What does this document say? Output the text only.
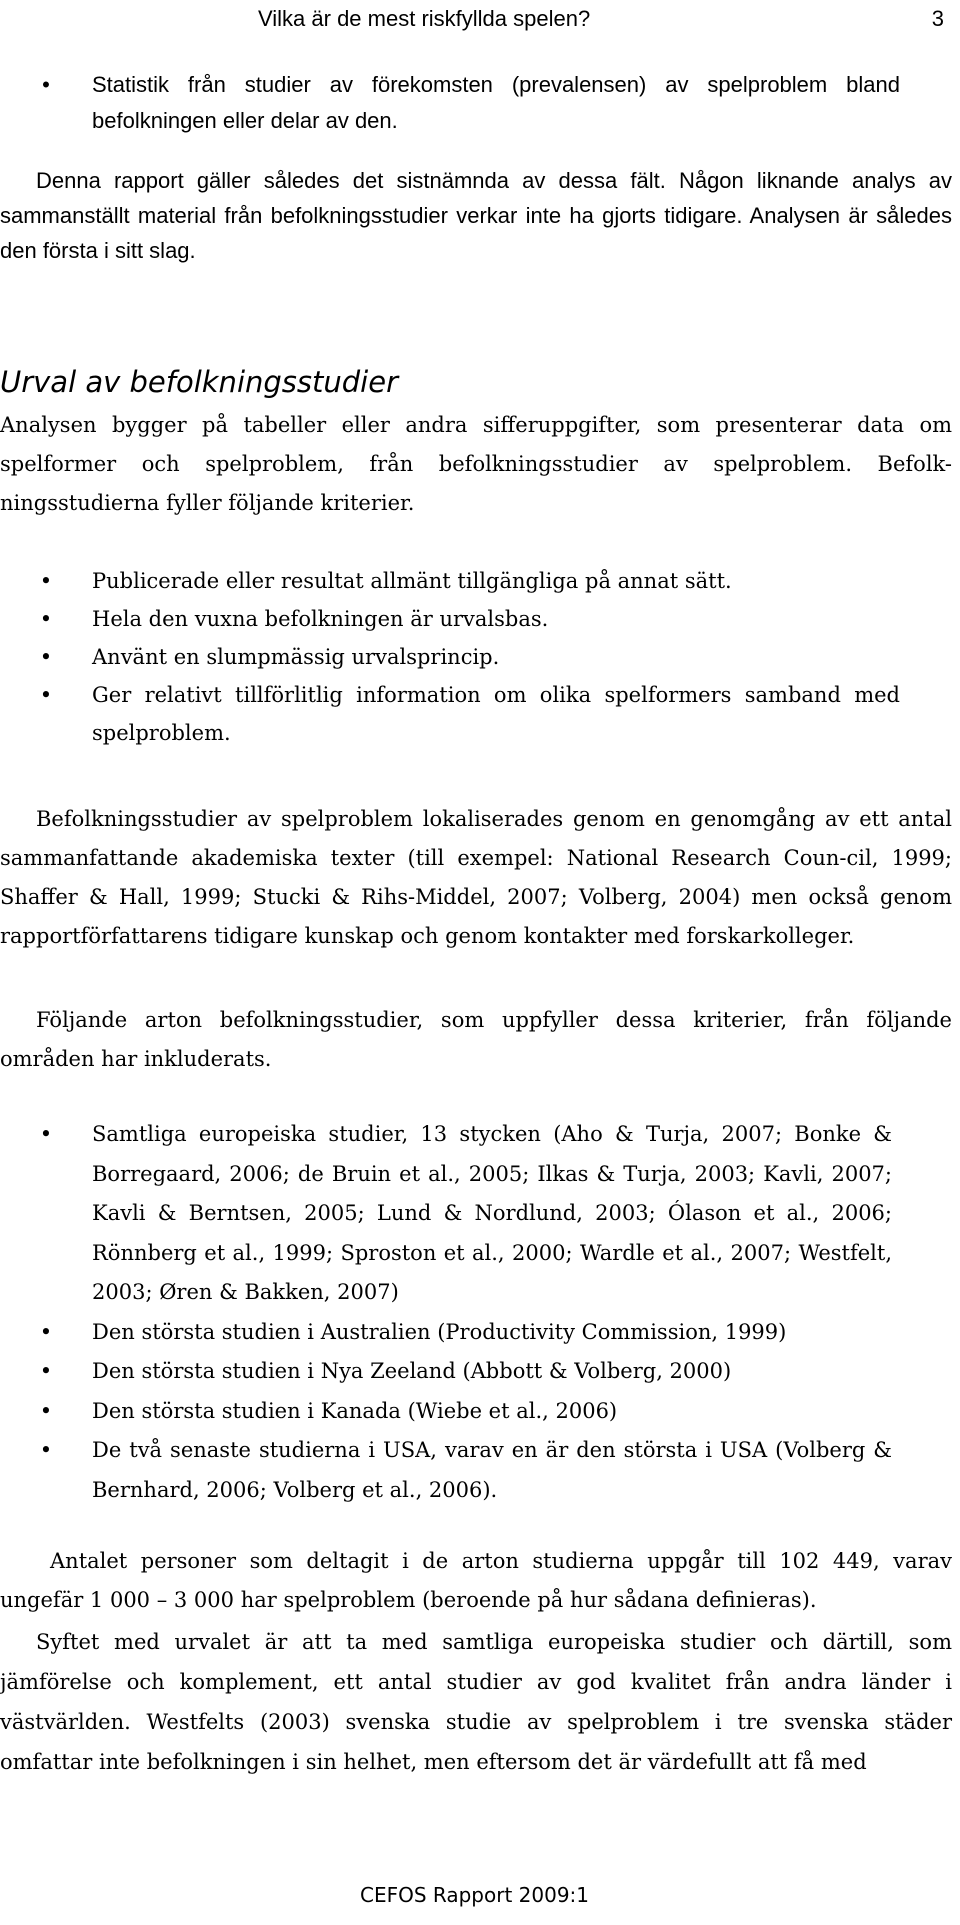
Vilka är de mest riskfyllda spelen?	3
• Statistik från studier av förekomsten (prevalensen) av spelproblem bland befolkningen eller delar av den.
Denna rapport gäller således det sistnämnda av dessa fält. Någon liknande analys av sammanställt material från befolkningsstudier verkar inte ha gjorts tidigare. Analysen är således den första i sitt slag.
Urval av befolkningsstudier
Analysen bygger på tabeller eller andra sifferuppgifter, som presenterar data om spelformer och spelproblem, från befolkningsstudier av spelproblem. Befolk-ningsstudierna fyller följande kriterier.
• Publicerade eller resultat allmänt tillgängliga på annat sätt.
• Hela den vuxna befolkningen är urvalsbas.
• Använt en slumpmässig urvalsprincip.
• Ger relativt tillförlitlig information om olika spelformers samband med spelproblem.
Befolkningsstudier av spelproblem lokaliserades genom en genomgång av ett antal sammanfattande akademiska texter (till exempel: National Research Coun-cil, 1999; Shaffer & Hall, 1999; Stucki & Rihs-Middel, 2007; Volberg, 2004) men också genom rapportförfattarens tidigare kunskap och genom kontakter med forskarkolleger.
Följande arton befolkningsstudier, som uppfyller dessa kriterier, från följande områden har inkluderats.
• Samtliga europeiska studier, 13 stycken (Aho & Turja, 2007; Bonke & Borregaard, 2006; de Bruin et al., 2005; Ilkas & Turja, 2003; Kavli, 2007; Kavli & Berntsen, 2005; Lund & Nordlund, 2003; Ólason et al., 2006; Rönnberg et al., 1999; Sproston et al., 2000; Wardle et al., 2007; Westfelt, 2003; Øren & Bakken, 2007)
• Den största studien i Australien (Productivity Commission, 1999)
• Den största studien i Nya Zeeland (Abbott & Volberg, 2000)
• Den största studien i Kanada (Wiebe et al., 2006)
• De två senaste studierna i USA, varav en är den största i USA (Volberg & Bernhard, 2006; Volberg et al., 2006).
Antalet personer som deltagit i de arton studierna uppgår till 102 449, varav ungefär 1 000 – 3 000 har spelproblem (beroende på hur sådana definieras).
Syftet med urvalet är att ta med samtliga europeiska studier och därtill, som jämförelse och komplement, ett antal studier av god kvalitet från andra länder i västvärlden. Westfelts (2003) svenska studie av spelproblem i tre svenska städer omfattar inte befolkningen i sin helhet, men eftersom det är värdefullt att få med
CEFOS Rapport 2009:1
